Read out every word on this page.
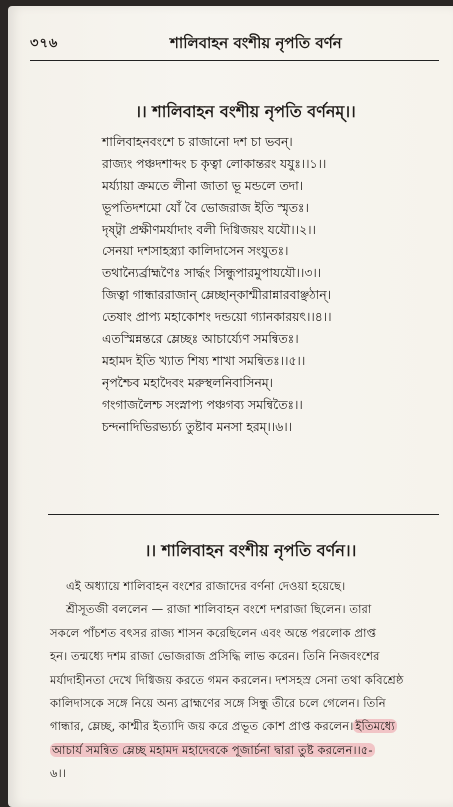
৩৭৬	শালিবাহন বংশীয় নৃপতি বর্ণন
।। শালিবাহন বংশীয় নৃপতি বর্ণনম্।।
শালিবাহনবংশে চ রাজানো দশ চা ভবন্।
রাজ্যং পঞ্চদশাব্দং চ কৃত্বা লোকান্তরং যযুঃ।।১।।
মর্য্যায়া ক্রমতে লীনা জাতা ভূ মন্ডলে তদা।
ভূপতিদশমো যোঁ বৈ ভোজরাজ ইতি স্মৃতঃ।
দৃষ্ট্বা প্রক্ষীণমর্যাদাং বলী দিগ্বিজয়ং যযৌ।।২।।
সেনয়া দশসাহস্ত্র্যা কালিদাসেন সংযুতঃ।
তথান্যৈর্ব্রাহ্মণৈঃ সার্দ্ধং সিন্ধুপারমুপাযযৌ।।৩।।
জিত্বা গান্ধাররাজান্ ম্লেচ্ছান্কাশ্মীরান্নারবাঞ্ছঠান্।
তেষাং প্রাপ্য মহাকোশং দন্ডয়ো গ্যানকারয়ৎ।।৪।।
এতস্মিন্নন্তরে ম্লেচ্ছঃ আচার্য্যেণ সমন্বিতঃ।
মহামদ ইতি খ্যাত শিষ্য শাখা সমন্বিতঃ।।৫।।
নৃপশ্চৈব মহাদৈবং মরুস্থলনিবাসিনম্।
গংগাজলৈশ্চ সংস্নাপ্য পঞ্চগব্য সমন্বিতৈঃ।।
চন্দনাদিভিরভ্যর্চ্য তুষ্টাব মনসা হরম্।।৬।।
।। শালিবাহন বংশীয় নৃপতি বর্ণন।।
এই অধ্যায়ে শালিবাহন বংশের রাজাদের বর্ণনা দেওয়া হয়েছে।
শ্রীসূতজী বললেন — রাজা শালিবাহন বংশে দশরাজা ছিলেন। তারা
সকলে পাঁচশত বৎসর রাজ্য শাসন করেছিলেন এবং অন্তে পরলোক প্রাপ্ত
হন। তন্মধ্যে দশম রাজা ভোজরাজ প্রসিদ্ধি লাভ করেন। তিনি নিজবংশের
মর্যাদাহীনতা দেখে দিগ্বিজয় করতে গমন করলেন। দশসহস্র সেনা তথা কবিশ্রেষ্ঠ
কালিদাসকে সঙ্গে নিয়ে অন্য ব্রাহ্মণের সঙ্গে সিন্ধু তীরে চলে গেলেন। তিনি
গান্ধার, ম্লেচ্ছ, কাশ্মীর ইত্যাদি জয় করে প্রভূত কোশ প্রাপ্ত করলেন। ইতিমধ্যে
আচার্য সমন্বিত ম্লেচ্ছ মহামদ মহাদেবকে পূজার্চনা দ্বারা তুষ্ট করলেন।।৫-
৬।।
